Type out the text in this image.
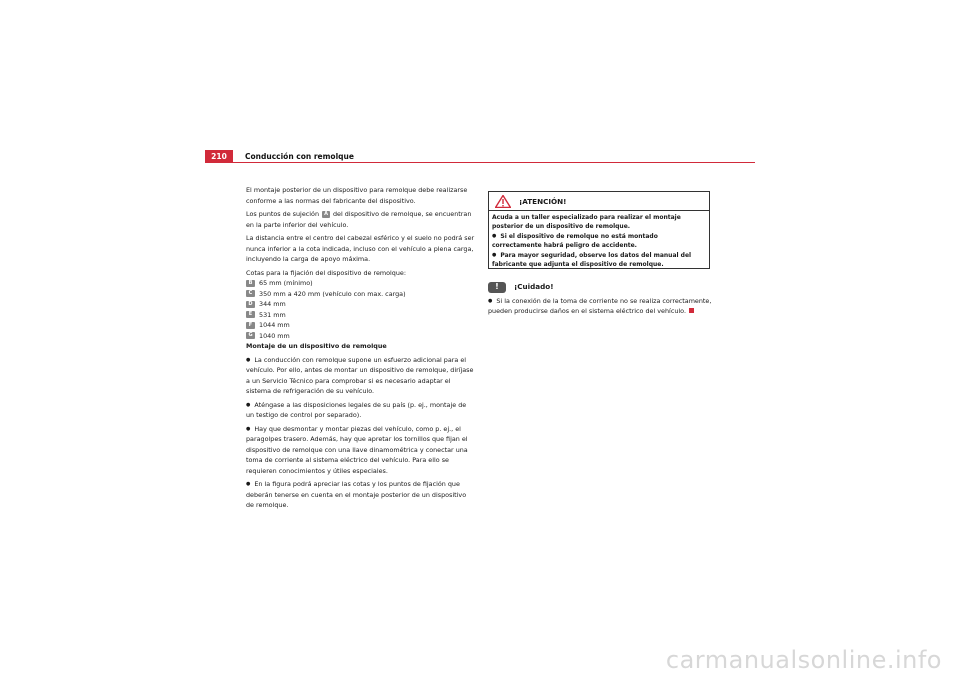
210	Conducción con remolque

El montaje posterior de un dispositivo para remolque debe realizarse conforme a las normas del fabricante del dispositivo.

Los puntos de sujeción A del dispositivo de remolque, se encuentran en la parte inferior del vehículo.

La distancia entre el centro del cabezal esférico y el suelo no podrá ser nunca inferior a la cota indicada, incluso con el vehículo a plena carga, incluyendo la carga de apoyo máxima.

Cotas para la fijación del dispositivo de remolque:

B	65 mm (mínimo)
C	350 mm a 420 mm (vehículo con max. carga)
D	344 mm
E	531 mm
F	1044 mm
G	1040 mm

Montaje de un dispositivo de remolque

● La conducción con remolque supone un esfuerzo adicional para el vehículo. Por ello, antes de montar un dispositivo de remolque, diríjase a un Servicio Técnico para comprobar si es necesario adaptar el sistema de refrigeración de su vehículo.

● Aténgase a las disposiciones legales de su país (p. ej., montaje de un testigo de control por separado).

● Hay que desmontar y montar piezas del vehículo, como p. ej., el paragolpes trasero. Además, hay que apretar los tornillos que fijan el dispositivo de remolque con una llave dinamométrica y conectar una toma de corriente al sistema eléctrico del vehículo. Para ello se requieren conocimientos y útiles especiales.

● En la figura podrá apreciar las cotas y los puntos de fijación que deberán tenerse en cuenta en el montaje posterior de un dispositivo de remolque.

¡ATENCIÓN!

Acuda a un taller especializado para realizar el montaje posterior de un dispositivo de remolque.

● Si el dispositivo de remolque no está montado correctamente habrá peligro de accidente.

● Para mayor seguridad, observe los datos del manual del fabricante que adjunta el dispositivo de remolque.

!	¡Cuidado!

● Si la conexión de la toma de corriente no se realiza correctamente, pueden producirse daños en el sistema eléctrico del vehículo.

carmanualsonline.info
